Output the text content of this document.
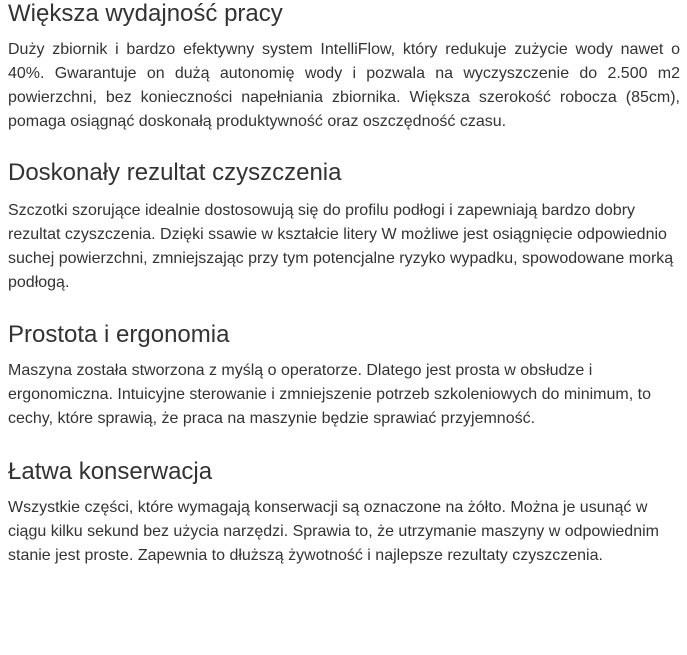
Większa wydajność pracy

Duży zbiornik i bardzo efektywny system IntelliFlow, który redukuje zużycie wody nawet o 40%. Gwarantuje on dużą autonomię wody i pozwala na wyczyszczenie do 2.500 m2 powierzchni, bez konieczności napełniania zbiornika. Większa szerokość robocza (85cm), pomaga osiągnąć doskonałą produktywność oraz oszczędność czasu.

Doskonały rezultat czyszczenia

Szczotki szorujące idealnie dostosowują się do profilu podłogi i zapewniają bardzo dobry rezultat czyszczenia. Dzięki ssawie w kształcie litery W możliwe jest osiągnięcie odpowiednio suchej powierzchni, zmniejszając przy tym potencjalne ryzyko wypadku, spowodowane morką podłogą.

Prostota i ergonomia

Maszyna została stworzona z myślą o operatorze. Dlatego jest prosta w obsłudze i ergonomiczna. Intuicyjne sterowanie i zmniejszenie potrzeb szkoleniowych do minimum, to cechy, które sprawią, że praca na maszynie będzie sprawiać przyjemność.

Łatwa konserwacja

Wszystkie części, które wymagają konserwacji są oznaczone na żółto. Można je usunąć w ciągu kilku sekund bez użycia narzędzi. Sprawia to, że utrzymanie maszyny w odpowiednim stanie jest proste. Zapewnia to dłuższą żywotność i najlepsze rezultaty czyszczenia.
